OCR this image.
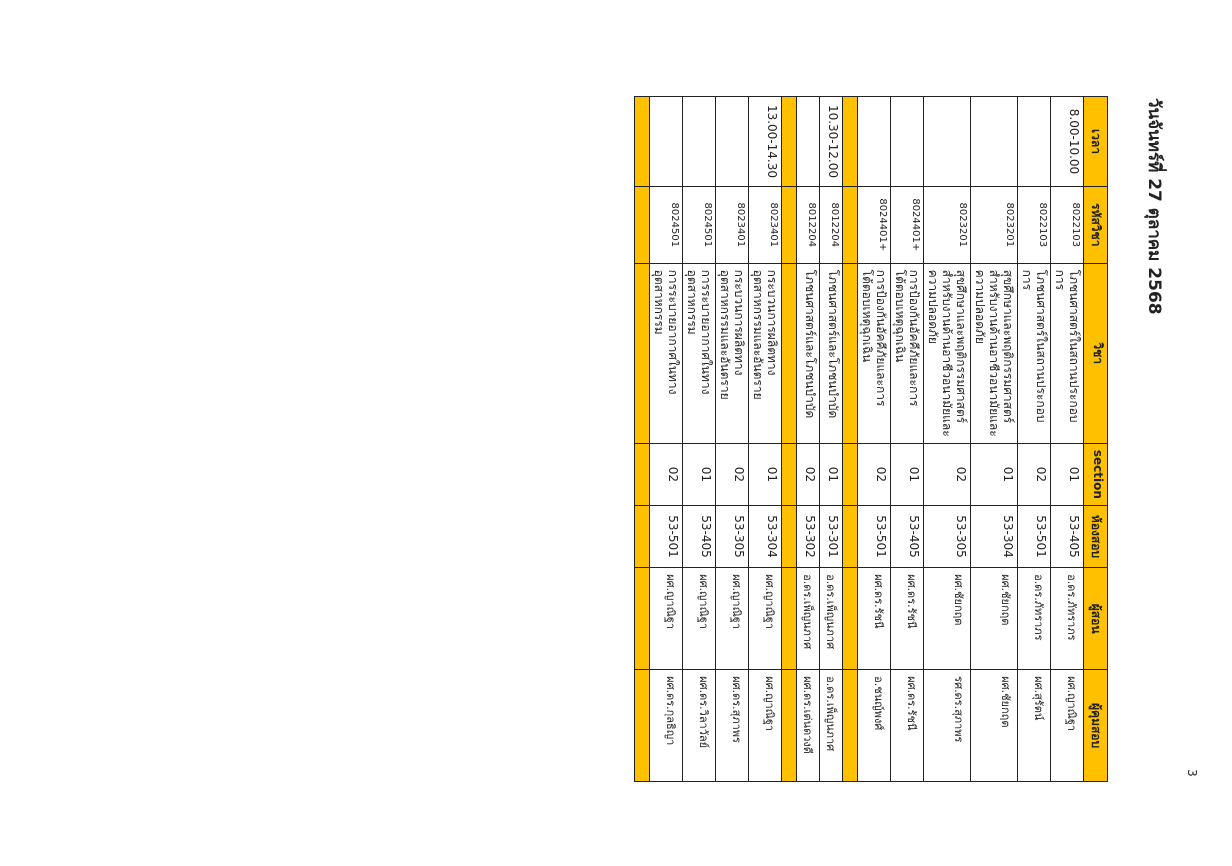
3
วันจันทร์ที่ 27 ตุลาคม 2568
เวลา	รหัสวิชา	วิชา	section	ห้องสอบ	ผู้สอน	ผู้คุมสอบ
8.00-10.00	8022103	โภชนศาสตร์ในสถานประกอบการ	01	53-405	อ.ดร.ภัทราภร	ผศ.ญาณิฐา
	8022103	โภชนศาสตร์ในสถานประกอบการ	02	53-501	อ.ดร.ภัทราภร	ผศ.สุรัตน์
	8023201	สุขศึกษาและพฤติกรรมศาสตร์สำหรับงานด้านอาชีวอนามัยและความปลอดภัย	01	53-304	ผศ.ชัยกฤต	ผศ.ชัยกฤต
	8023201	สุขศึกษาและพฤติกรรมศาสตร์สำหรับงานด้านอาชีวอนามัยและความปลอดภัย	02	53-305	ผศ.ชัยกฤต	รศ.ดร.สุภาพร
	8024401+	การป้องกันอัคคีภัยและการโต้ตอบเหตุฉุกเฉิน	01	53-405	ผศ.ดร.รัชนี	ผศ.ดร.รัชนี
	8024401+	การป้องกันอัคคีภัยและการโต้ตอบเหตุฉุกเฉิน	02	53-501	ผศ.ดร.รัชนี	อ.ชนญ์พงศ์

10.30-12.00	8012204	โภชนศาสตร์และโภชนบำบัด	01	53-301	อ.ดร.เพ็ญนภาศ	อ.ดร.เพ็ญนภาศ
	8012204	โภชนศาสตร์และโภชนบำบัด	02	53-302	อ.ดร.เพ็ญนภาศ	ผศ.ดร.เต่นดวงดี

13.00-14.30	8023401	กระบวนการผลิตทางอุตสาหกรรมและอันตราย	01	53-304	ผศ.ญาณิฐา	ผศ.ญาณิฐา
	8023401	กระบวนการผลิตทางอุตสาหกรรมและอันตราย	02	53-305	ผศ.ญาณิฐา	ผศ.ดร.สุภาพร
	8024501	การระบายอากาศในทางอุตสาหกรรม	01	53-405	ผศ.ญาณิฐา	ผศ.ดร.วิลาวัลย์
	8024501	การระบายอากาศในทางอุตสาหกรรม	02	53-501	ผศ.ญาณิฐา	ผศ.ดร.กุลธิญา
